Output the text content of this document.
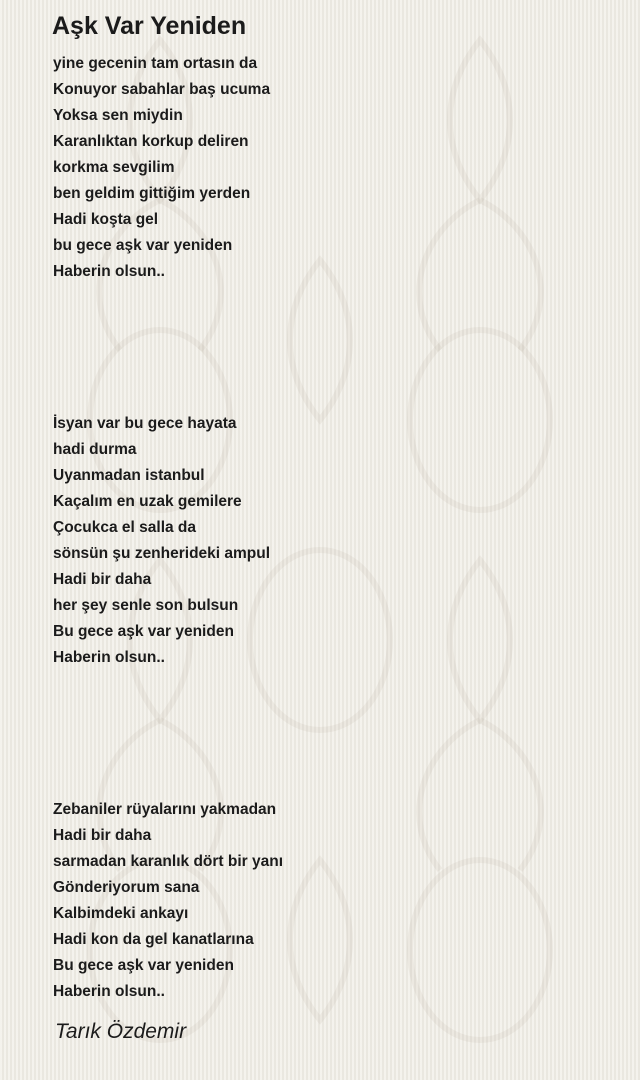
Aşk Var Yeniden
yine gecenin tam ortasın da
Konuyor sabahlar baş ucuma
Yoksa sen miydin
Karanlıktan korkup deliren
korkma sevgilim
ben geldim gittiğim yerden
Hadi koşta gel
bu gece aşk var yeniden
Haberin olsun..
İsyan var bu gece hayata
hadi durma
Uyanmadan istanbul
Kaçalım en uzak gemilere
Çocukca el salla da
sönsün şu zenherideki ampul
Hadi bir daha
her şey senle son bulsun
Bu gece aşk var yeniden
Haberin olsun..
Zebaniler rüyalarını yakmadan
Hadi bir daha
sarmadan karanlık dört bir yanı
Gönderiyorum sana
Kalbimdeki ankayı
Hadi kon da gel kanatlarına
Bu gece aşk var yeniden
Haberin olsun..

Tarık Özdemir
